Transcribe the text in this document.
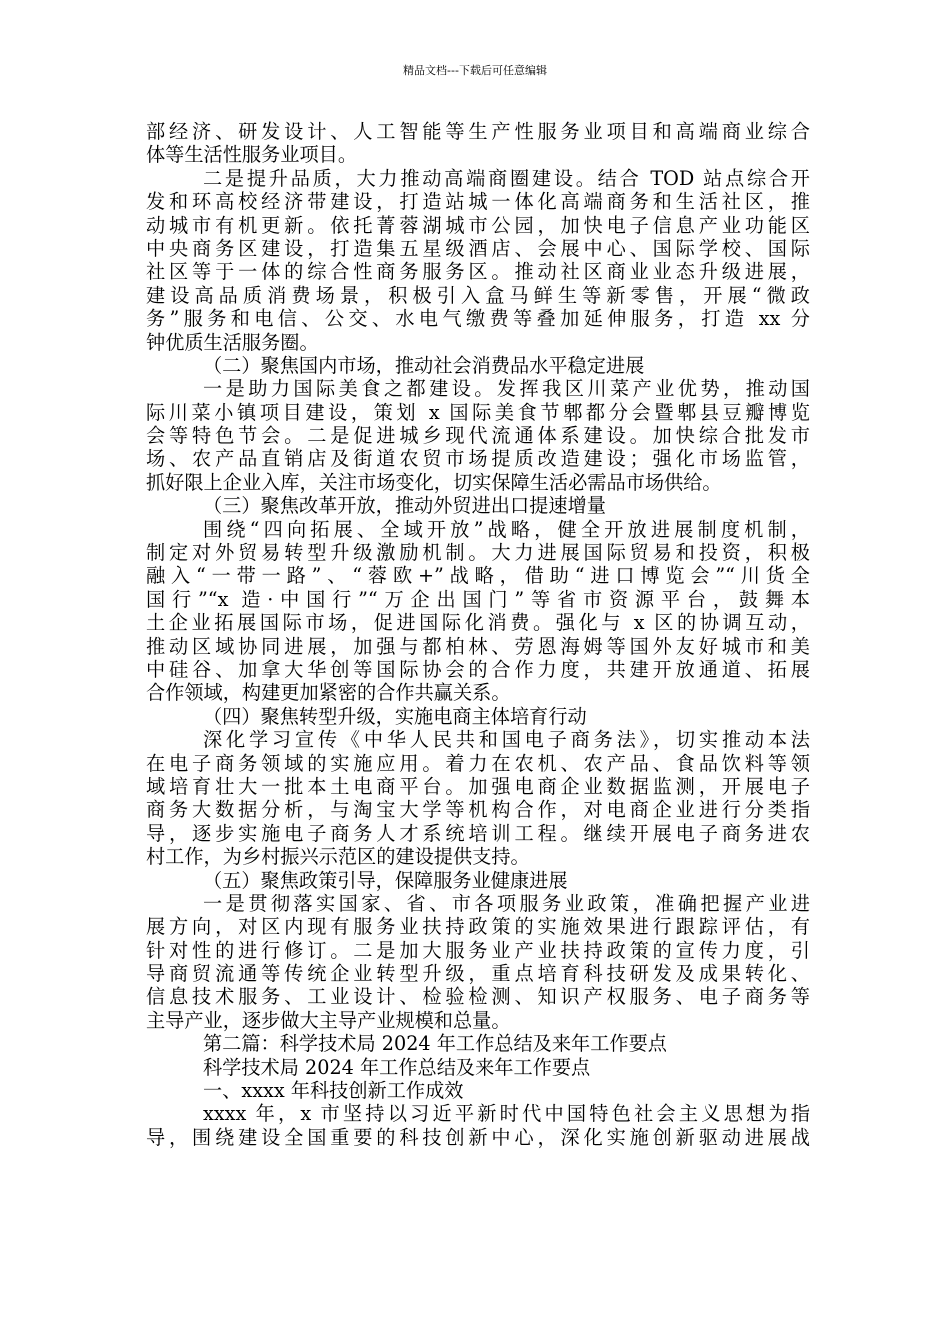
精品文档---下载后可任意编辑
部经济、研发设计、人工智能等生产性服务业项目和高端商业综合
体等生活性服务业项目。
二是提升品质，大力推动高端商圈建设。结合 TOD 站点综合开
发和环高校经济带建设，打造站城一体化高端商务和生活社区，推
动城市有机更新。依托菁蓉湖城市公园，加快电子信息产业功能区
中央商务区建设，打造集五星级酒店、会展中心、国际学校、国际
社区等于一体的综合性商务服务区。推动社区商业业态升级进展，
建设高品质消费场景，积极引入盒马鲜生等新零售，开展“微政
务”服务和电信、公交、水电气缴费等叠加延伸服务，打造 xx 分
钟优质生活服务圈。
（二）聚焦国内市场，推动社会消费品水平稳定进展
一是助力国际美食之都建设。发挥我区川菜产业优势，推动国
际川菜小镇项目建设，策划 x 国际美食节郫都分会暨郫县豆瓣博览
会等特色节会。二是促进城乡现代流通体系建设。加快综合批发市
场、农产品直销店及街道农贸市场提质改造建设；强化市场监管，
抓好限上企业入库，关注市场变化，切实保障生活必需品市场供给。
（三）聚焦改革开放，推动外贸进出口提速增量
围绕“四向拓展、全域开放”战略，健全开放进展制度机制，
制定对外贸易转型升级激励机制。大力进展国际贸易和投资，积极
融入“一带一路”、“蓉欧+”战略，借助“进口博览会”“川货全
国行”“x 造·中国行”“万企出国门”等省市资源平台，鼓舞本
土企业拓展国际市场，促进国际化消费。强化与 x 区的协调互动，
推动区域协同进展，加强与都柏林、劳恩海姆等国外友好城市和美
中硅谷、加拿大华创等国际协会的合作力度，共建开放通道、拓展
合作领域，构建更加紧密的合作共赢关系。
（四）聚焦转型升级，实施电商主体培育行动
深化学习宣传《中华人民共和国电子商务法》，切实推动本法
在电子商务领域的实施应用。着力在农机、农产品、食品饮料等领
域培育壮大一批本土电商平台。加强电商企业数据监测，开展电子
商务大数据分析，与淘宝大学等机构合作，对电商企业进行分类指
导，逐步实施电子商务人才系统培训工程。继续开展电子商务进农
村工作，为乡村振兴示范区的建设提供支持。
（五）聚焦政策引导，保障服务业健康进展
一是贯彻落实国家、省、市各项服务业政策，准确把握产业进
展方向，对区内现有服务业扶持政策的实施效果进行跟踪评估，有
针对性的进行修订。二是加大服务业产业扶持政策的宣传力度，引
导商贸流通等传统企业转型升级，重点培育科技研发及成果转化、
信息技术服务、工业设计、检验检测、知识产权服务、电子商务等
主导产业，逐步做大主导产业规模和总量。
第二篇：科学技术局 2024 年工作总结及来年工作要点
科学技术局 2024 年工作总结及来年工作要点
一、xxxx 年科技创新工作成效
xxxx 年，x 市坚持以习近平新时代中国特色社会主义思想为指
导，围绕建设全国重要的科技创新中心，深化实施创新驱动进展战
